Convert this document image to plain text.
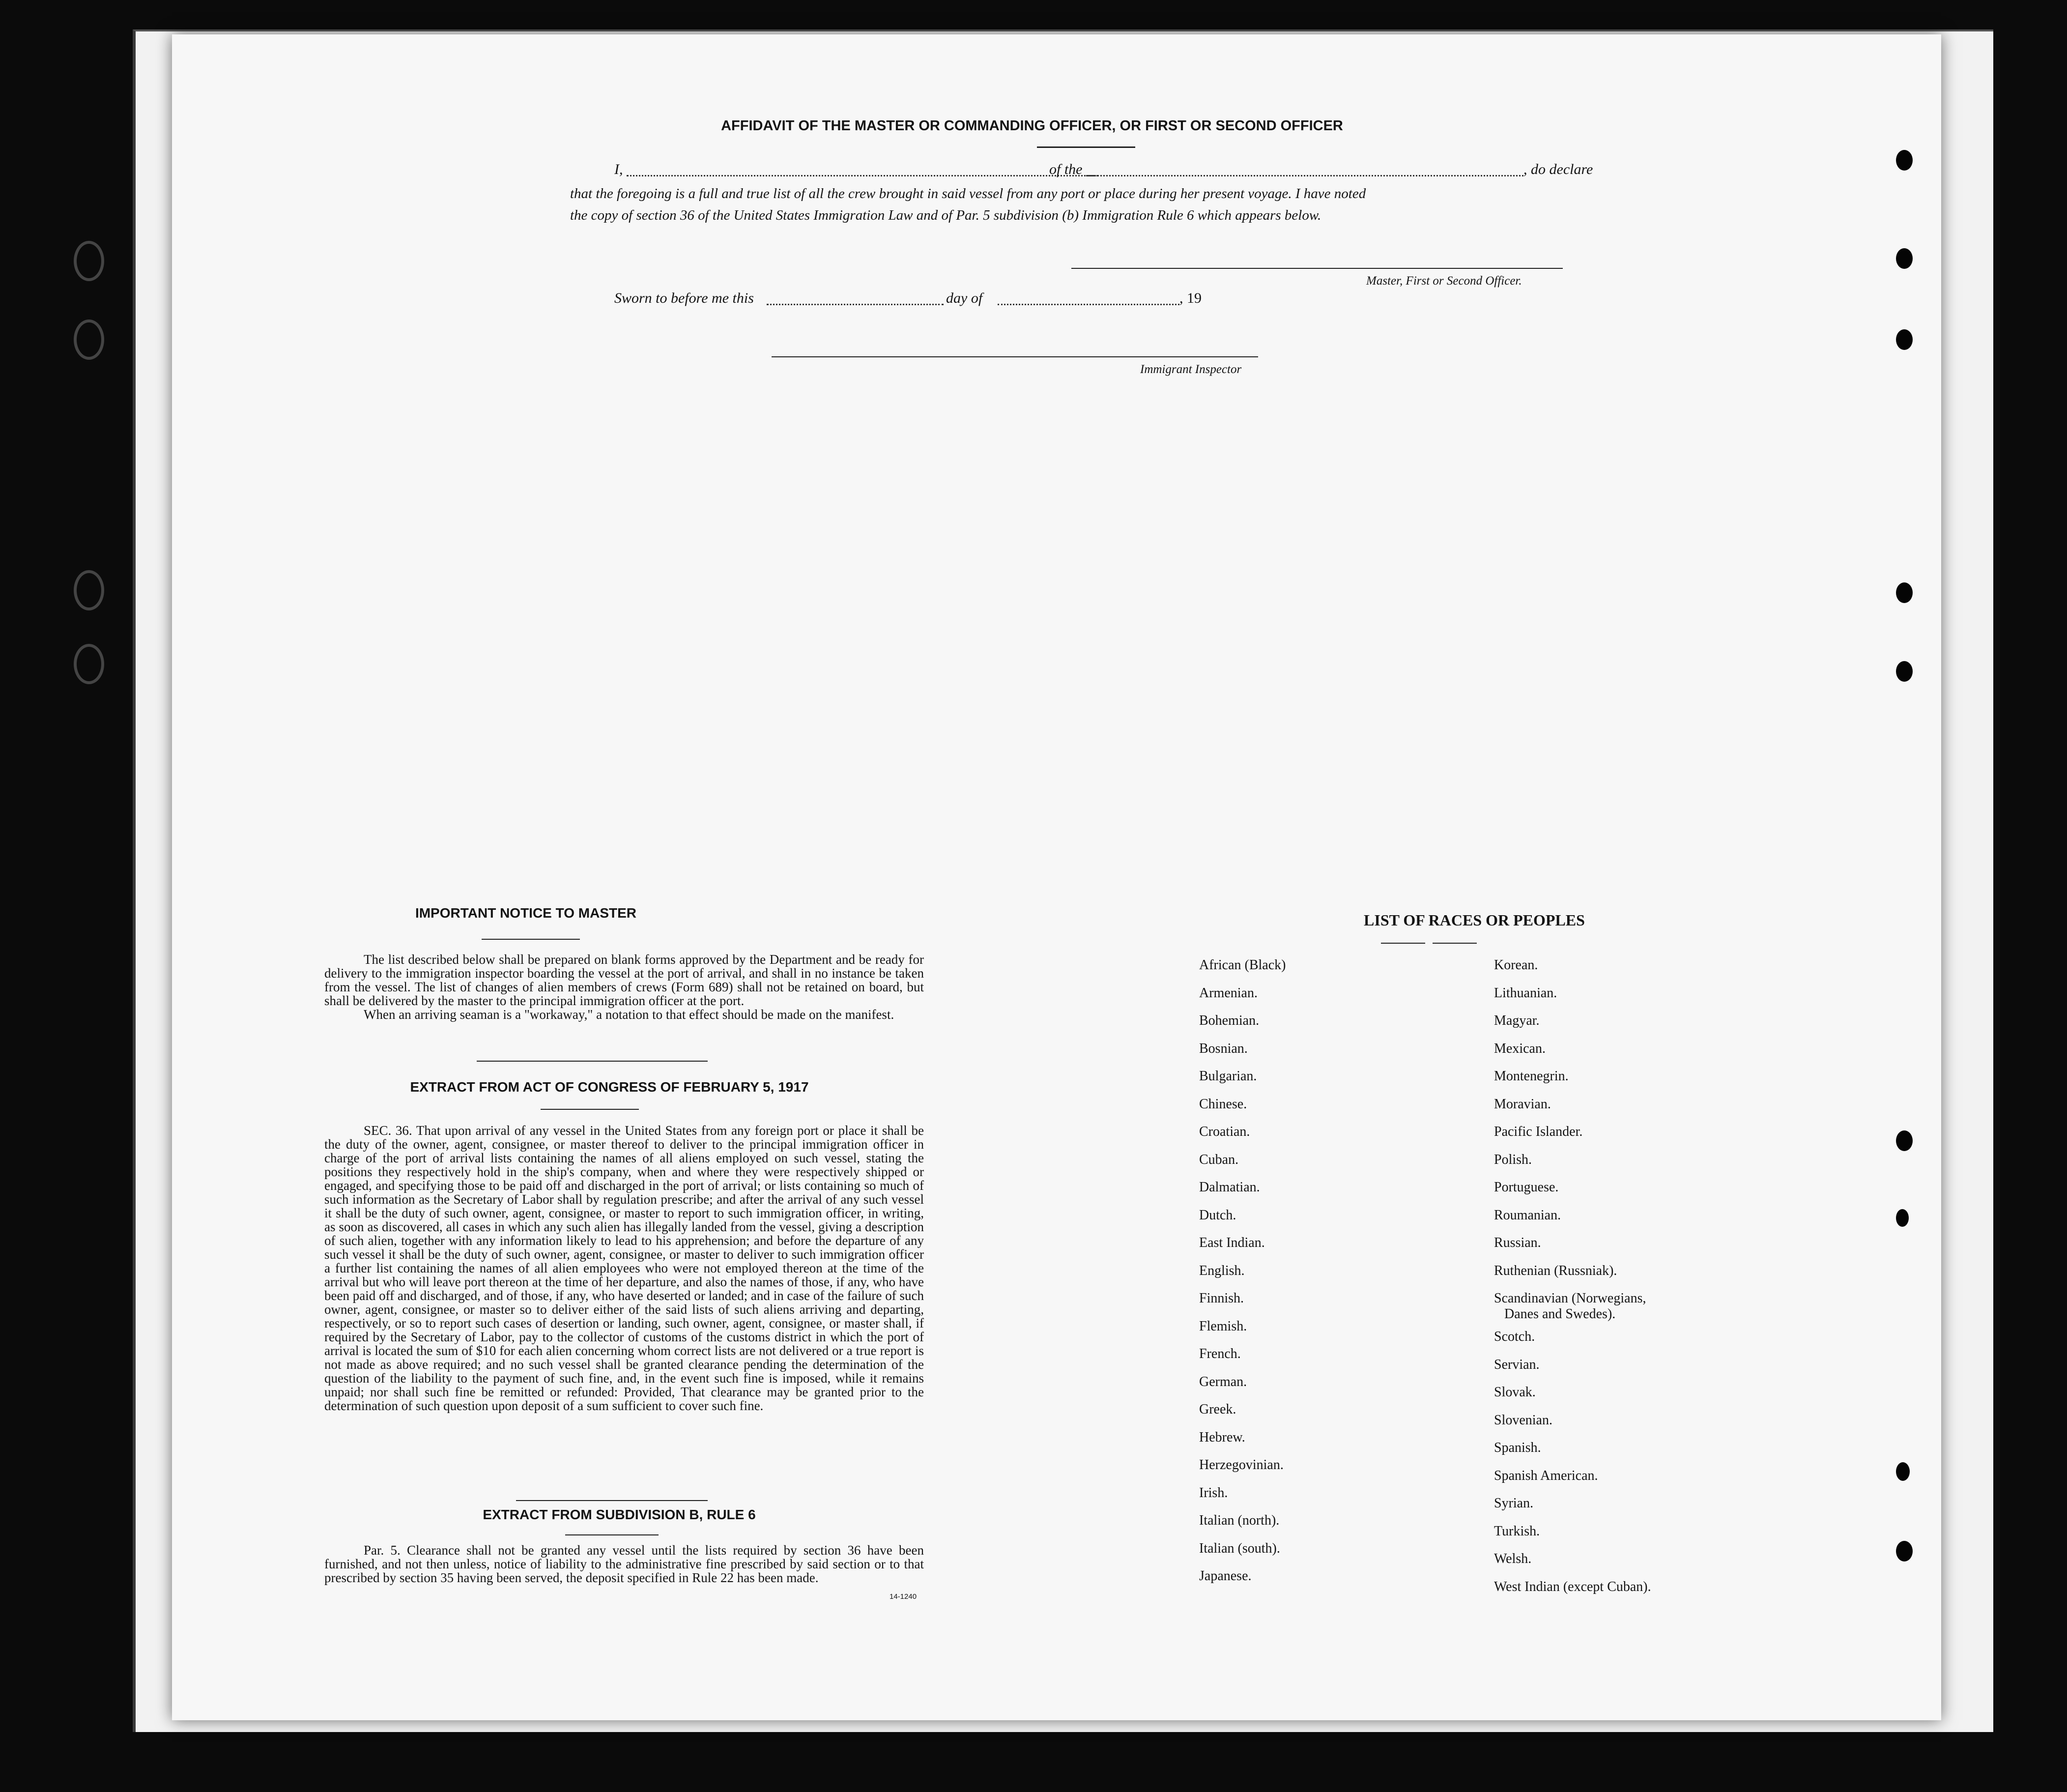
AFFIDAVIT OF THE MASTER OR COMMANDING OFFICER, OR FIRST OR SECOND OFFICER
I,	of the	, do declare
that the foregoing is a full and true list of all the crew brought in said vessel from any port or place during her present voyage. I have noted
the copy of section 36 of the United States Immigration Law and of Par. 5 subdivision (b) Immigration Rule 6 which appears below.
Master, First or Second Officer.
Sworn to before me this	day of	, 19
Immigrant Inspector
IMPORTANT NOTICE TO MASTER

The list described below shall be prepared on blank forms approved by the Department and be ready for delivery to the immigration inspector boarding the vessel at the port of arrival, and shall in no instance be taken from the vessel. The list of changes of alien members of crews (Form 689) shall not be retained on board, but shall be delivered by the master to the principal immigration officer at the port.

When an arriving seaman is a "workaway," a notation to that effect should be made on the manifest.

EXTRACT FROM ACT OF CONGRESS OF FEBRUARY 5, 1917

SEC. 36. That upon arrival of any vessel in the United States from any foreign port or place it shall be the duty of the owner, agent, consignee, or master thereof to deliver to the principal immigration officer in charge of the port of arrival lists containing the names of all aliens employed on such vessel, stating the positions they respectively hold in the ship's company, when and where they were respectively shipped or engaged, and specifying those to be paid off and discharged in the port of arrival; or lists containing so much of such information as the Secretary of Labor shall by regulation prescribe; and after the arrival of any such vessel it shall be the duty of such owner, agent, consignee, or master to report to such immigration officer, in writing, as soon as discovered, all cases in which any such alien has illegally landed from the vessel, giving a description of such alien, together with any information likely to lead to his apprehension; and before the departure of any such vessel it shall be the duty of such owner, agent, consignee, or master to deliver to such immigration officer a further list containing the names of all alien employees who were not employed thereon at the time of the arrival but who will leave port thereon at the time of her departure, and also the names of those, if any, who have been paid off and discharged, and of those, if any, who have deserted or landed; and in case of the failure of such owner, agent, consignee, or master so to deliver either of the said lists of such aliens arriving and departing, respectively, or so to report such cases of desertion or landing, such owner, agent, consignee, or master shall, if required by the Secretary of Labor, pay to the collector of customs of the customs district in which the port of arrival is located the sum of $10 for each alien concerning whom correct lists are not delivered or a true report is not made as above required; and no such vessel shall be granted clearance pending the determination of the question of the liability to the payment of such fine, and, in the event such fine is imposed, while it remains unpaid; nor shall such fine be remitted or refunded: Provided, That clearance may be granted prior to the determination of such question upon deposit of a sum sufficient to cover such fine.

EXTRACT FROM SUBDIVISION B, RULE 6

Par. 5. Clearance shall not be granted any vessel until the lists required by section 36 have been furnished, and not then unless, notice of liability to the administrative fine prescribed by said section or to that prescribed by section 35 having been served, the deposit specified in Rule 22 has been made.

14-1240
LIST OF RACES OR PEOPLES
African (Black)
Armenian.
Bohemian.
Bosnian.
Bulgarian.
Chinese.
Croatian.
Cuban.
Dalmatian.
Dutch.
East Indian.
English.
Finnish.
Flemish.
French.
German.
Greek.
Hebrew.
Herzegovinian.
Irish.
Italian (north).
Italian (south).
Japanese.
Korean.
Lithuanian.
Magyar.
Mexican.
Montenegrin.
Moravian.
Pacific Islander.
Polish.
Portuguese.
Roumanian.
Russian.
Ruthenian (Russniak).
Scandinavian (Norwegians,
Danes and Swedes).
Scotch.
Servian.
Slovak.
Slovenian.
Spanish.
Spanish American.
Syrian.
Turkish.
Welsh.
West Indian (except Cuban).
